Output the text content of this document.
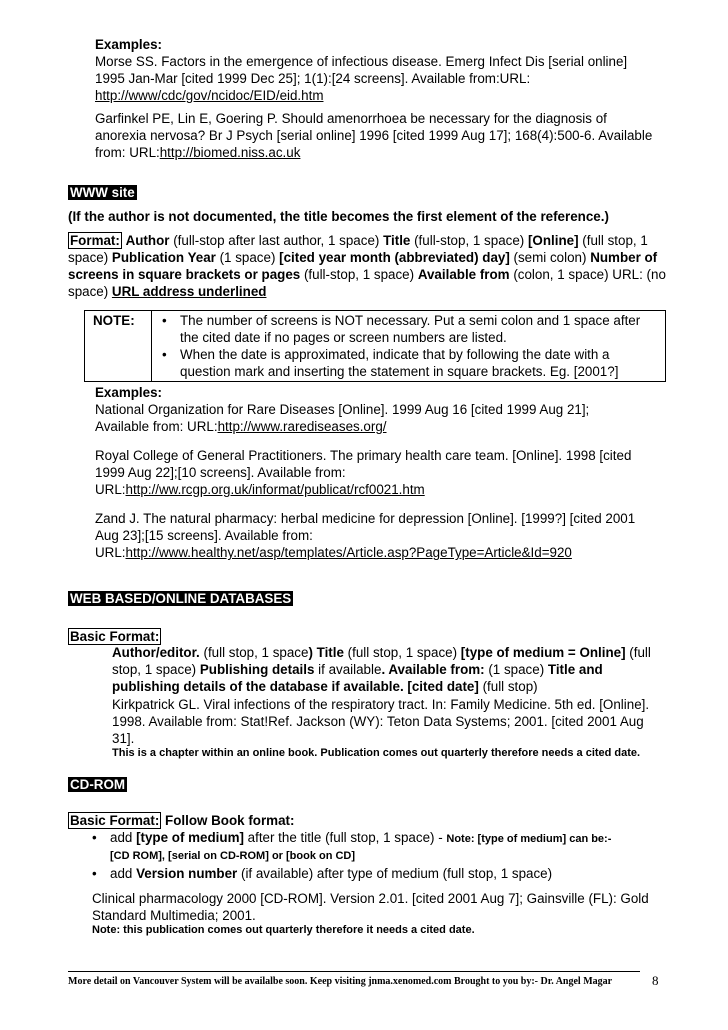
Examples:
Morse SS. Factors in the emergence of infectious disease. Emerg Infect Dis [serial online]
1995 Jan-Mar [cited 1999 Dec 25]; 1(1):[24 screens]. Available from:URL:
http://www/cdc/gov/ncidoc/EID/eid.htm
Garfinkel PE, Lin E, Goering P. Should amenorrhoea be necessary for the diagnosis of
anorexia nervosa? Br J Psych [serial online] 1996 [cited 1999 Aug 17]; 168(4):500-6. Available
from: URL:http://biomed.niss.ac.uk
WWW site
(If the author is not documented, the title becomes the first element of the reference.)
Format: Author (full-stop after last author, 1 space) Title (full-stop, 1 space) [Online] (full stop, 1 space) Publication Year (1 space) [cited year month (abbreviated) day] (semi colon) Number of screens in square brackets or pages (full-stop, 1 space) Available from (colon, 1 space) URL: (no space) URL address underlined
NOTE:	• The number of screens is NOT necessary. Put a semi colon and 1 space after the cited date if no pages or screen numbers are listed.
• When the date is approximated, indicate that by following the date with a question mark and inserting the statement in square brackets. Eg. [2001?]
Examples:
National Organization for Rare Diseases [Online]. 1999 Aug 16 [cited 1999 Aug 21];
Available from: URL:http://www.rarediseases.org/
Royal College of General Practitioners. The primary health care team. [Online]. 1998 [cited
1999 Aug 22];[10 screens]. Available from:
URL:http://ww.rcgp.org.uk/informat/publicat/rcf0021.htm
Zand J. The natural pharmacy: herbal medicine for depression [Online]. [1999?] [cited 2001
Aug 23];[15 screens]. Available from:
URL:http://www.healthy.net/asp/templates/Article.asp?PageType=Article&Id=920
WEB BASED/ONLINE DATABASES
Basic Format:
Author/editor. (full stop, 1 space) Title (full stop, 1 space) [type of medium = Online] (full stop, 1 space) Publishing details if available. Available from: (1 space) Title and publishing details of the database if available. [cited date] (full stop)
Kirkpatrick GL. Viral infections of the respiratory tract. In: Family Medicine. 5th ed. [Online].
1998. Available from: Stat!Ref. Jackson (WY): Teton Data Systems; 2001. [cited 2001 Aug
31].
This is a chapter within an online book. Publication comes out quarterly therefore needs a cited date.
CD-ROM
Basic Format: Follow Book format:
• add [type of medium] after the title (full stop, 1 space) - Note: [type of medium] can be:-
[CD ROM], [serial on CD-ROM] or [book on CD]
• add Version number (if available) after type of medium (full stop, 1 space)
Clinical pharmacology 2000 [CD-ROM]. Version 2.01. [cited 2001 Aug 7]; Gainsville (FL): Gold
Standard Multimedia; 2001.
Note: this publication comes out quarterly therefore it needs a cited date.
More detail on Vancouver System will be availalbe soon. Keep visiting jnma.xenomed.com Brought to you by:- Dr. Angel Magar	8
